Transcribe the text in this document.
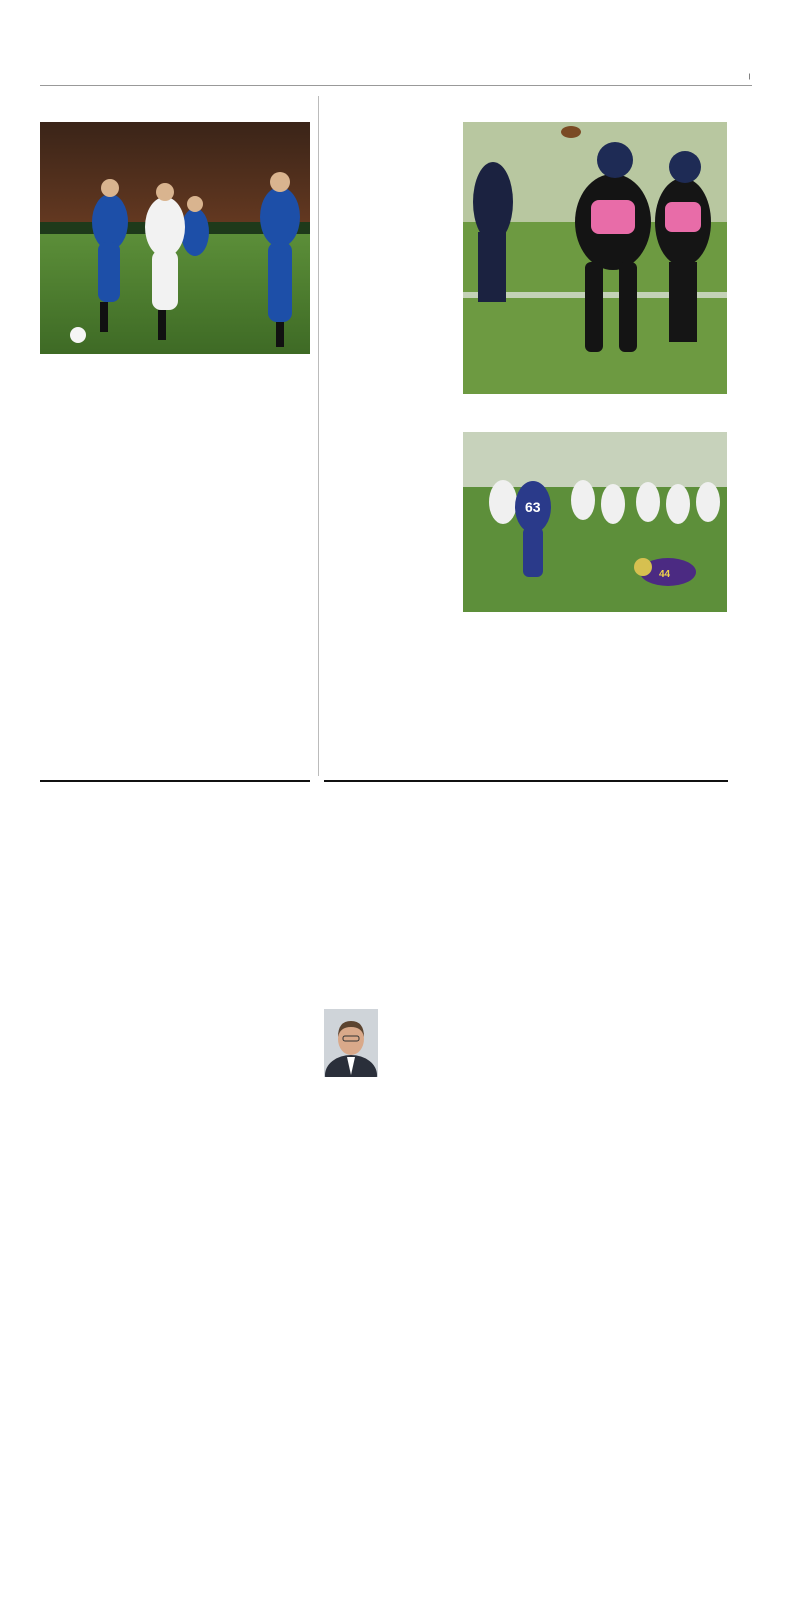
|

63
44
